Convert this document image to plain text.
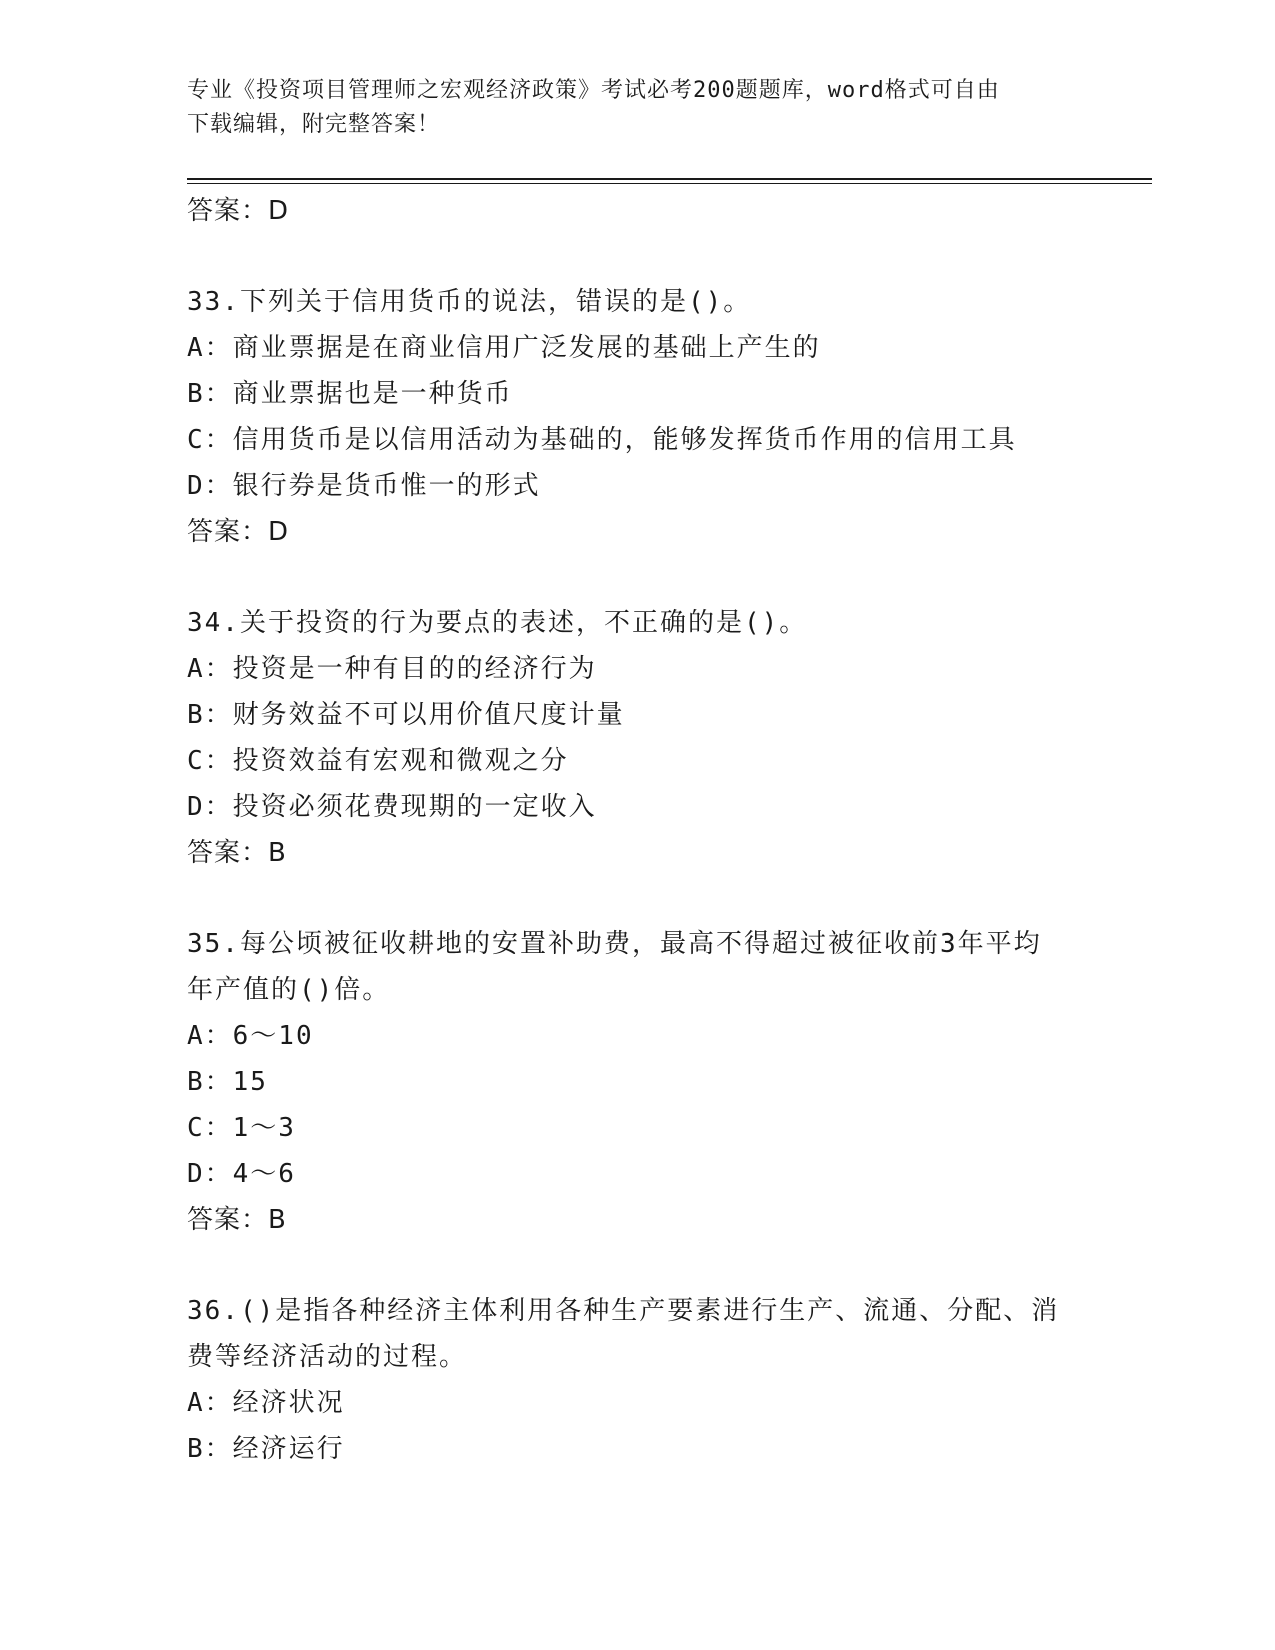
专业《投资项目管理师之宏观经济政策》考试必考200题题库，word格式可自由
下载编辑，附完整答案！
答案：D
33.下列关于信用货币的说法，错误的是()。
A：商业票据是在商业信用广泛发展的基础上产生的
B：商业票据也是一种货币
C：信用货币是以信用活动为基础的，能够发挥货币作用的信用工具
D：银行券是货币惟一的形式
答案：D
34.关于投资的行为要点的表述，不正确的是()。
A：投资是一种有目的的经济行为
B：财务效益不可以用价值尺度计量
C：投资效益有宏观和微观之分
D：投资必须花费现期的一定收入
答案：B
35.每公顷被征收耕地的安置补助费，最高不得超过被征收前3年平均
年产值的()倍。
A：6～10
B：15
C：1～3
D：4～6
答案：B
36.()是指各种经济主体利用各种生产要素进行生产、流通、分配、消
费等经济活动的过程。
A：经济状况
B：经济运行
